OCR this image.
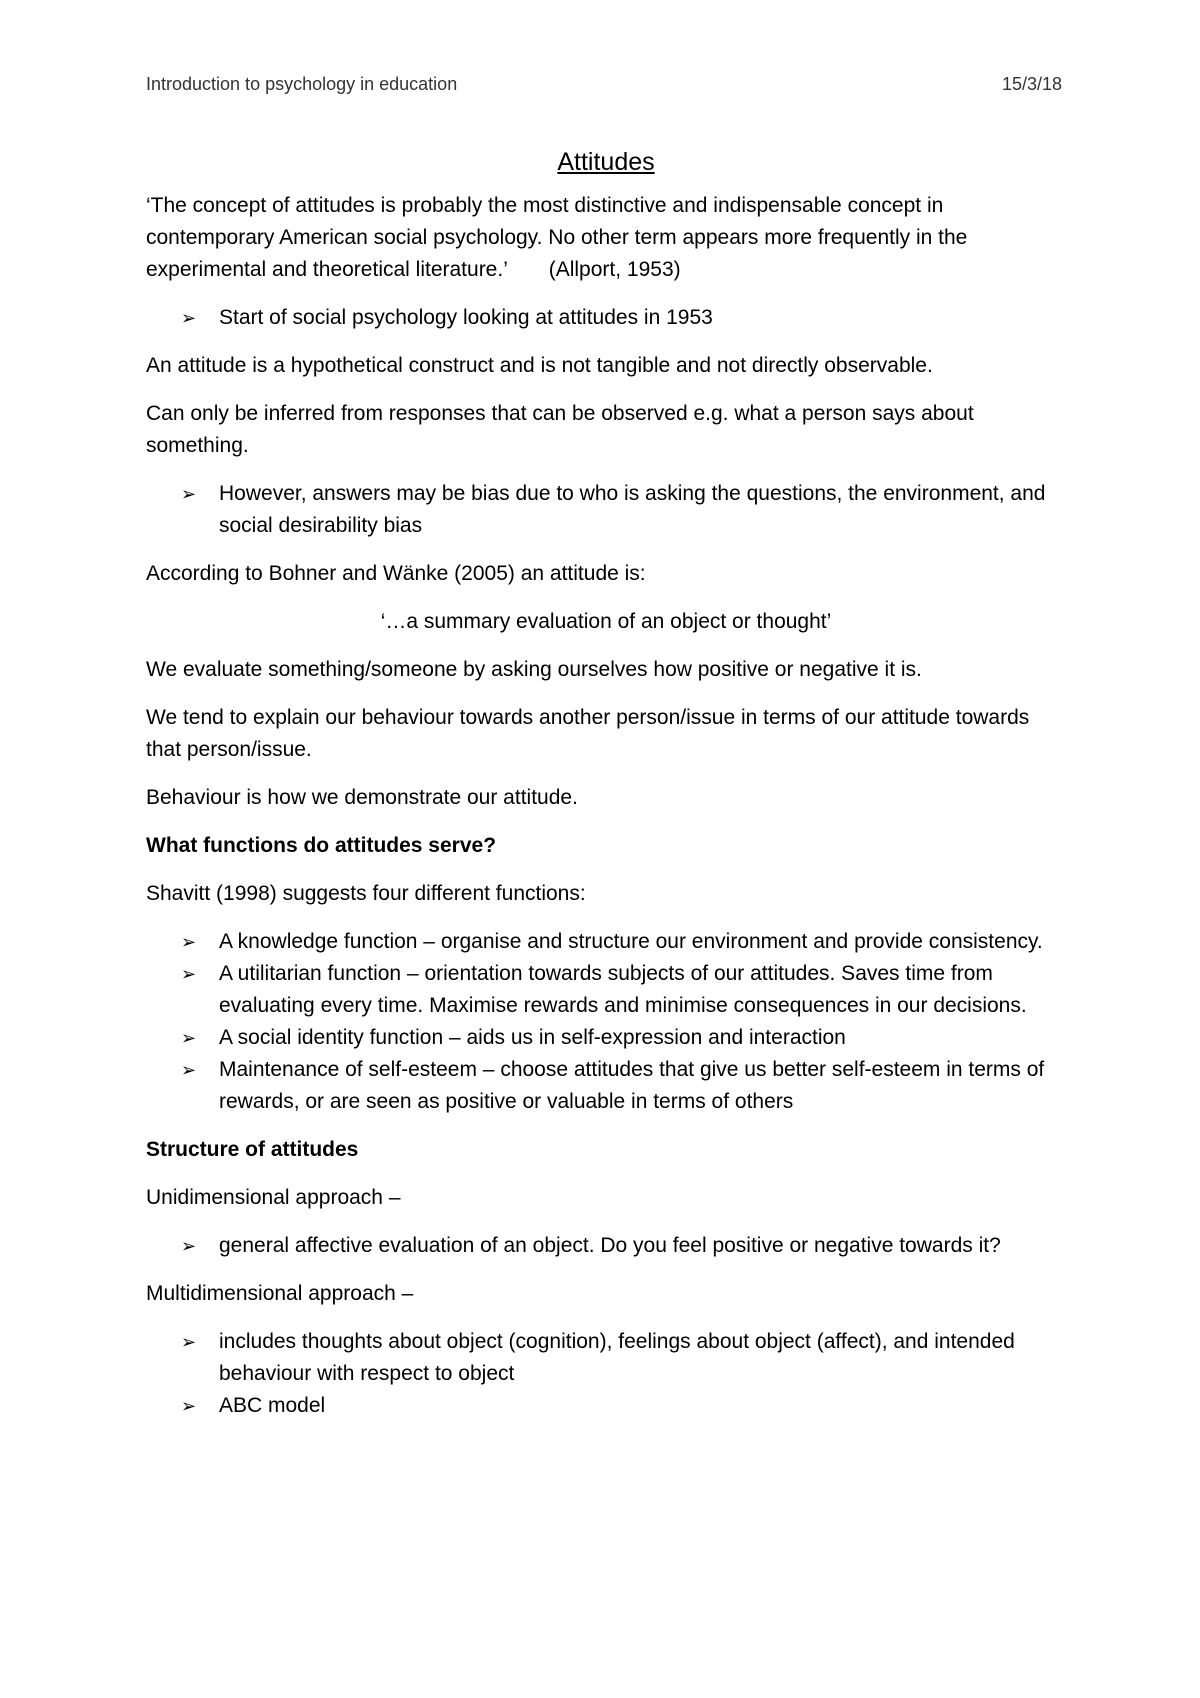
Introduction to psychology in education	15/3/18
Attitudes

‘The concept of attitudes is probably the most distinctive and indispensable concept in contemporary American social psychology. No other term appears more frequently in the experimental and theoretical literature.’ (Allport, 1953)

➢	Start of social psychology looking at attitudes in 1953

An attitude is a hypothetical construct and is not tangible and not directly observable.

Can only be inferred from responses that can be observed e.g. what a person says about something.

➢	However, answers may be bias due to who is asking the questions, the environment, and social desirability bias

According to Bohner and Wänke (2005) an attitude is:

‘…a summary evaluation of an object or thought’

We evaluate something/someone by asking ourselves how positive or negative it is.

We tend to explain our behaviour towards another person/issue in terms of our attitude towards that person/issue.

Behaviour is how we demonstrate our attitude.

What functions do attitudes serve?

Shavitt (1998) suggests four different functions:

➢	A knowledge function – organise and structure our environment and provide consistency.
➢	A utilitarian function – orientation towards subjects of our attitudes. Saves time from evaluating every time. Maximise rewards and minimise consequences in our decisions.
➢	A social identity function – aids us in self-expression and interaction
➢	Maintenance of self-esteem – choose attitudes that give us better self-esteem in terms of rewards, or are seen as positive or valuable in terms of others

Structure of attitudes

Unidimensional approach –

➢	general affective evaluation of an object. Do you feel positive or negative towards it?

Multidimensional approach –

➢	includes thoughts about object (cognition), feelings about object (affect), and intended behaviour with respect to object
➢	ABC model
